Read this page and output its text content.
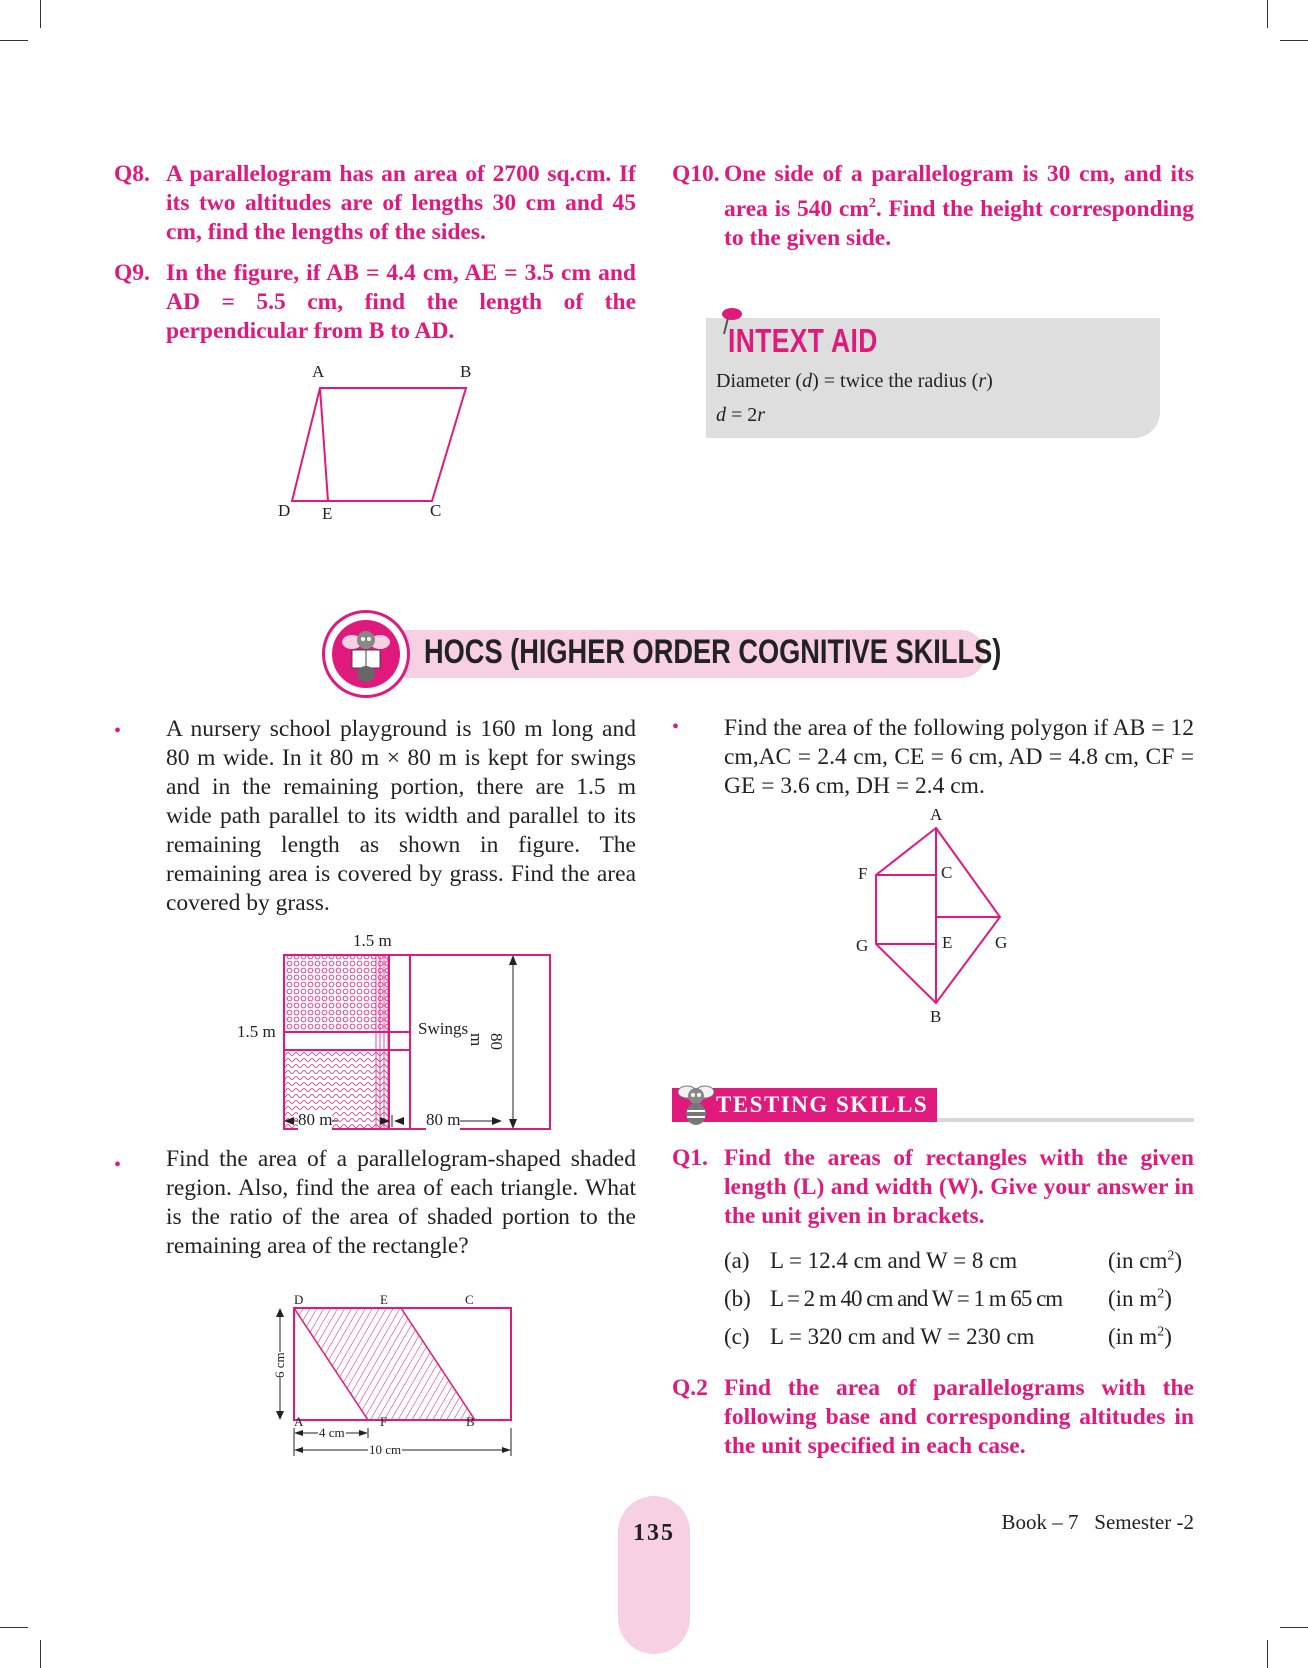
Q8. A parallelogram has an area of 2700 sq.cm. If its two altitudes are of lengths 30 cm and 45 cm, find the lengths of the sides.
Q9. In the figure, if AB = 4.4 cm, AE = 3.5 cm and AD = 5.5 cm, find the length of the perpendicular from B to AD.
A	B
D E	C
Q10. One side of a parallelogram is 30 cm, and its area is 540 $cm^2$. Find the height corresponding to the given side.
INTEXT AID
Diameter (d) = twice the radius (r)
d = 2r
HOCS (HIGHER ORDER COGNITIVE SKILLS)
• A nursery school playground is 160 m long and 80 m wide. In it 80 m × 80 m is kept for swings and in the remaining portion, there are 1.5 m wide path parallel to its width and parallel to its remaining length as shown in figure. The remaining area is covered by grass. Find the area covered by grass.
1.5 m
1.5 m	Swings
80 m
80 m	80 m
• Find the area of a parallelogram-shaped shaded region. Also, find the area of each triangle. What is the ratio of the area of shaded portion to the remaining area of the rectangle?
D	E	C
A	F	B
6 cm
4 cm
10 cm
• Find the area of the following polygon if AB = 12 cm,AC = 2.4 cm, CE = 6 cm, AD = 4.8 cm, CF = GE = 3.6 cm, DH = 2.4 cm.
A
F	C
G	E	G
B
TESTING SKILLS
Q1. Find the areas of rectangles with the given length (L) and width (W). Give your answer in the unit given in brackets.
(a) L = 12.4 cm and W = 8 cm	(in $cm^2$)
(b) L = 2 m 40 cm and W = 1 m 65 cm (in $m^2$)
(c) L = 320 cm and W = 230 cm	(in $m^2$)
Q.2 Find the area of parallelograms with the following base and corresponding altitudes in the unit specified in each case.
135	Book – 7 Semester -2
